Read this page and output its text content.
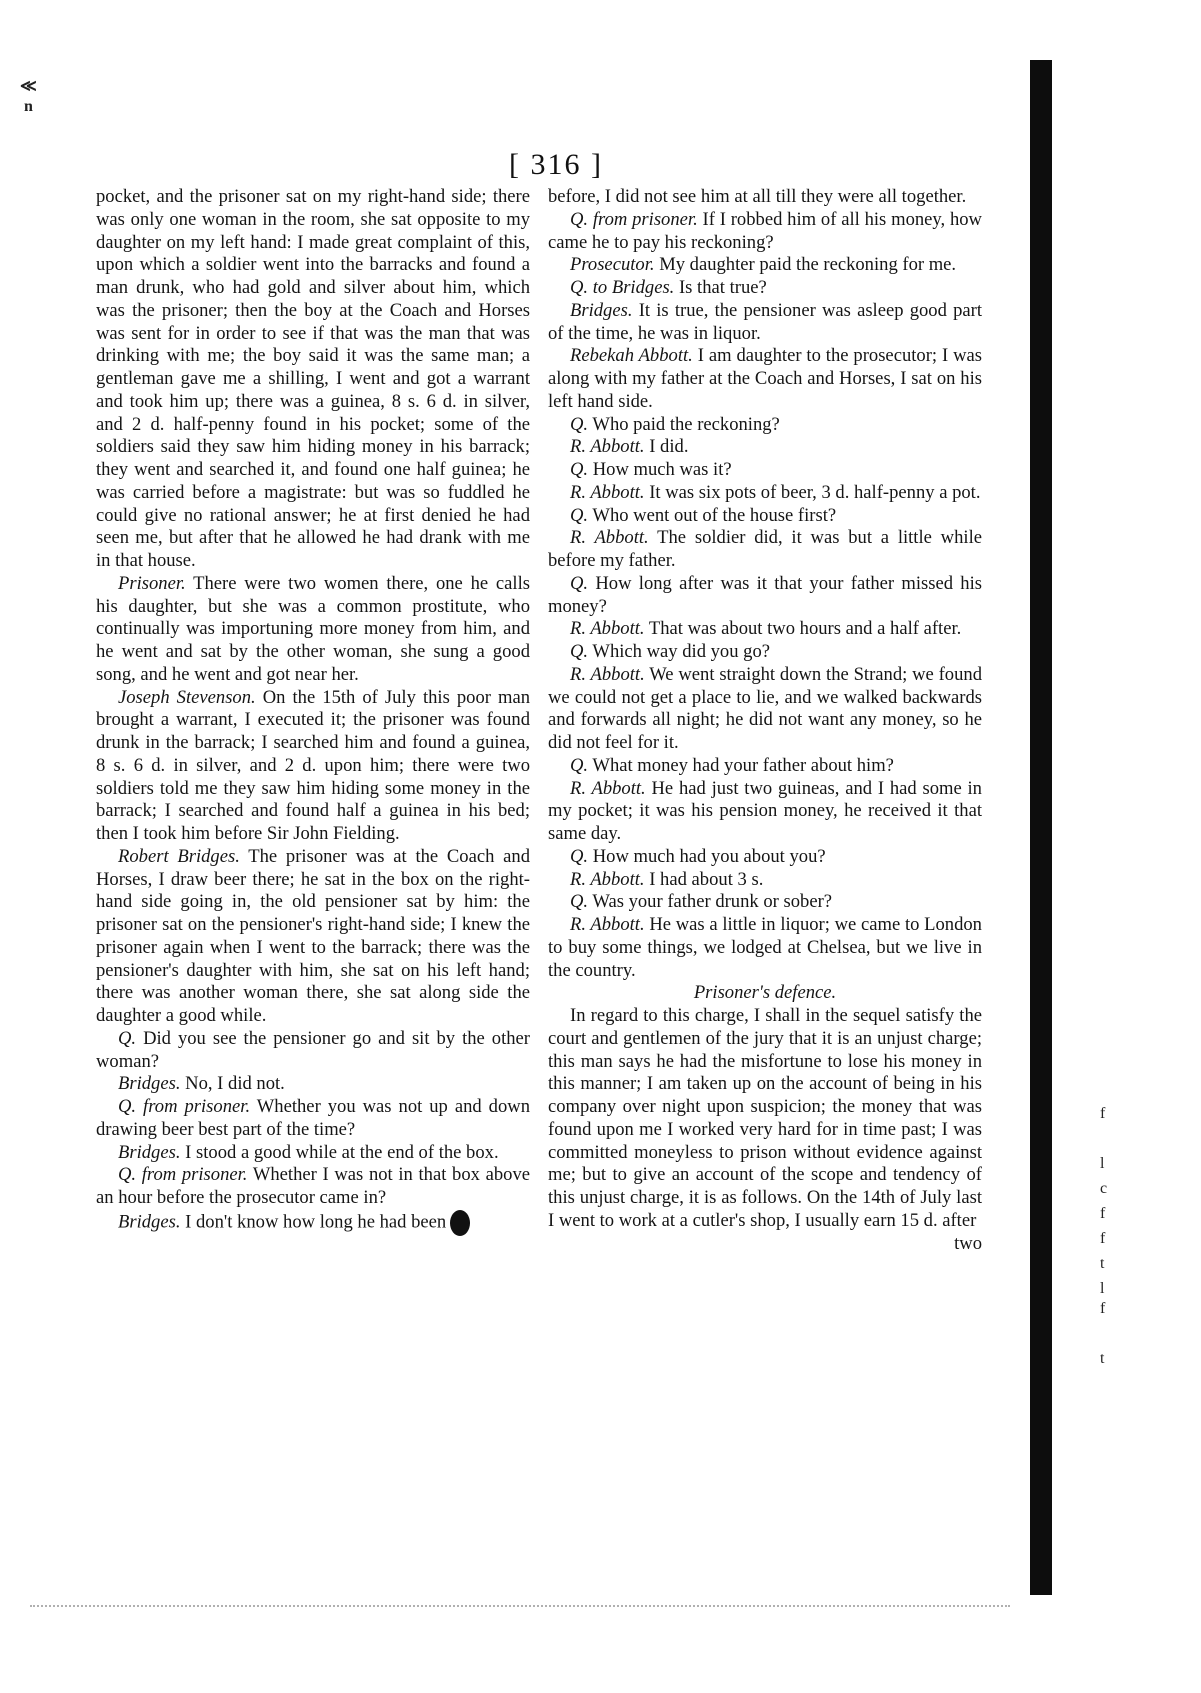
≪
n
[ 316 ]

pocket, and the prisoner sat on my right-hand side; there was only one woman in the room, she sat opposite to my daughter on my left hand: I made great complaint of this, upon which a soldier went into the barracks and found a man drunk, who had gold and silver about him, which was the prisoner; then the boy at the Coach and Horses was sent for in order to see if that was the man that was drinking with me; the boy said it was the same man; a gentleman gave me a shilling, I went and got a warrant and took him up; there was a guinea, 8 s. 6 d. in silver, and 2 d. half-penny found in his pocket; some of the soldiers said they saw him hiding money in his barrack; they went and searched it, and found one half guinea; he was carried before a magistrate: but was so fuddled he could give no rational answer; he at first denied he had seen me, but after that he allowed he had drank with me in that house.

Prisoner. There were two women there, one he calls his daughter, but she was a common prostitute, who continually was importuning more money from him, and he went and sat by the other woman, she sung a good song, and he went and got near her.

Joseph Stevenson. On the 15th of July this poor man brought a warrant, I executed it; the prisoner was found drunk in the barrack; I searched him and found a guinea, 8 s. 6 d. in silver, and 2 d. upon him; there were two soldiers told me they saw him hiding some money in the barrack; I searched and found half a guinea in his bed; then I took him before Sir John Fielding.

Robert Bridges. The prisoner was at the Coach and Horses, I draw beer there; he sat in the box on the right-hand side going in, the old pensioner sat by him: the prisoner sat on the pensioner's right-hand side; I knew the prisoner again when I went to the barrack; there was the pensioner's daughter with him, she sat on his left hand; there was another woman there, she sat along side the daughter a good while.

Q. Did you see the pensioner go and sit by the other woman?

Bridges. No, I did not.

Q. from prisoner. Whether you was not up and down drawing beer best part of the time?

Bridges. I stood a good while at the end of the box.

Q. from prisoner. Whether I was not in that box above an hour before the prosecutor came in?

Bridges. I don't know how long he had been

before, I did not see him at all till they were all together.

Q. from prisoner. If I robbed him of all his money, how came he to pay his reckoning?

Prosecutor. My daughter paid the reckoning for me.

Q. to Bridges. Is that true?

Bridges. It is true, the pensioner was asleep good part of the time, he was in liquor.

Rebekah Abbott. I am daughter to the prosecutor; I was along with my father at the Coach and Horses, I sat on his left hand side.

Q. Who paid the reckoning?

R. Abbott. I did.

Q. How much was it?

R. Abbott. It was six pots of beer, 3 d. half-penny a pot.

Q. Who went out of the house first?

R. Abbott. The soldier did, it was but a little while before my father.

Q. How long after was it that your father missed his money?

R. Abbott. That was about two hours and a half after.

Q. Which way did you go?

R. Abbott. We went straight down the Strand; we found we could not get a place to lie, and we walked backwards and forwards all night; he did not want any money, so he did not feel for it.

Q. What money had your father about him?

R. Abbott. He had just two guineas, and I had some in my pocket; it was his pension money, he received it that same day.

Q. How much had you about you?

R. Abbott. I had about 3 s.

Q. Was your father drunk or sober?

R. Abbott. He was a little in liquor; we came to London to buy some things, we lodged at Chelsea, but we live in the country.

Prisoner's defence.

In regard to this charge, I shall in the sequel satisfy the court and gentlemen of the jury that it is an unjust charge; this man says he had the misfortune to lose his money in this manner; I am taken up on the account of being in his company over night upon suspicion; the money that was found upon me I worked very hard for in time past; I was committed moneyless to prison without evidence against me; but to give an account of the scope and tendency of this unjust charge, it is as follows. On the 14th of July last I went to work at a cutler's shop, I usually earn 15 d. after

two

f
l
c
f
f
t
l
f
t
